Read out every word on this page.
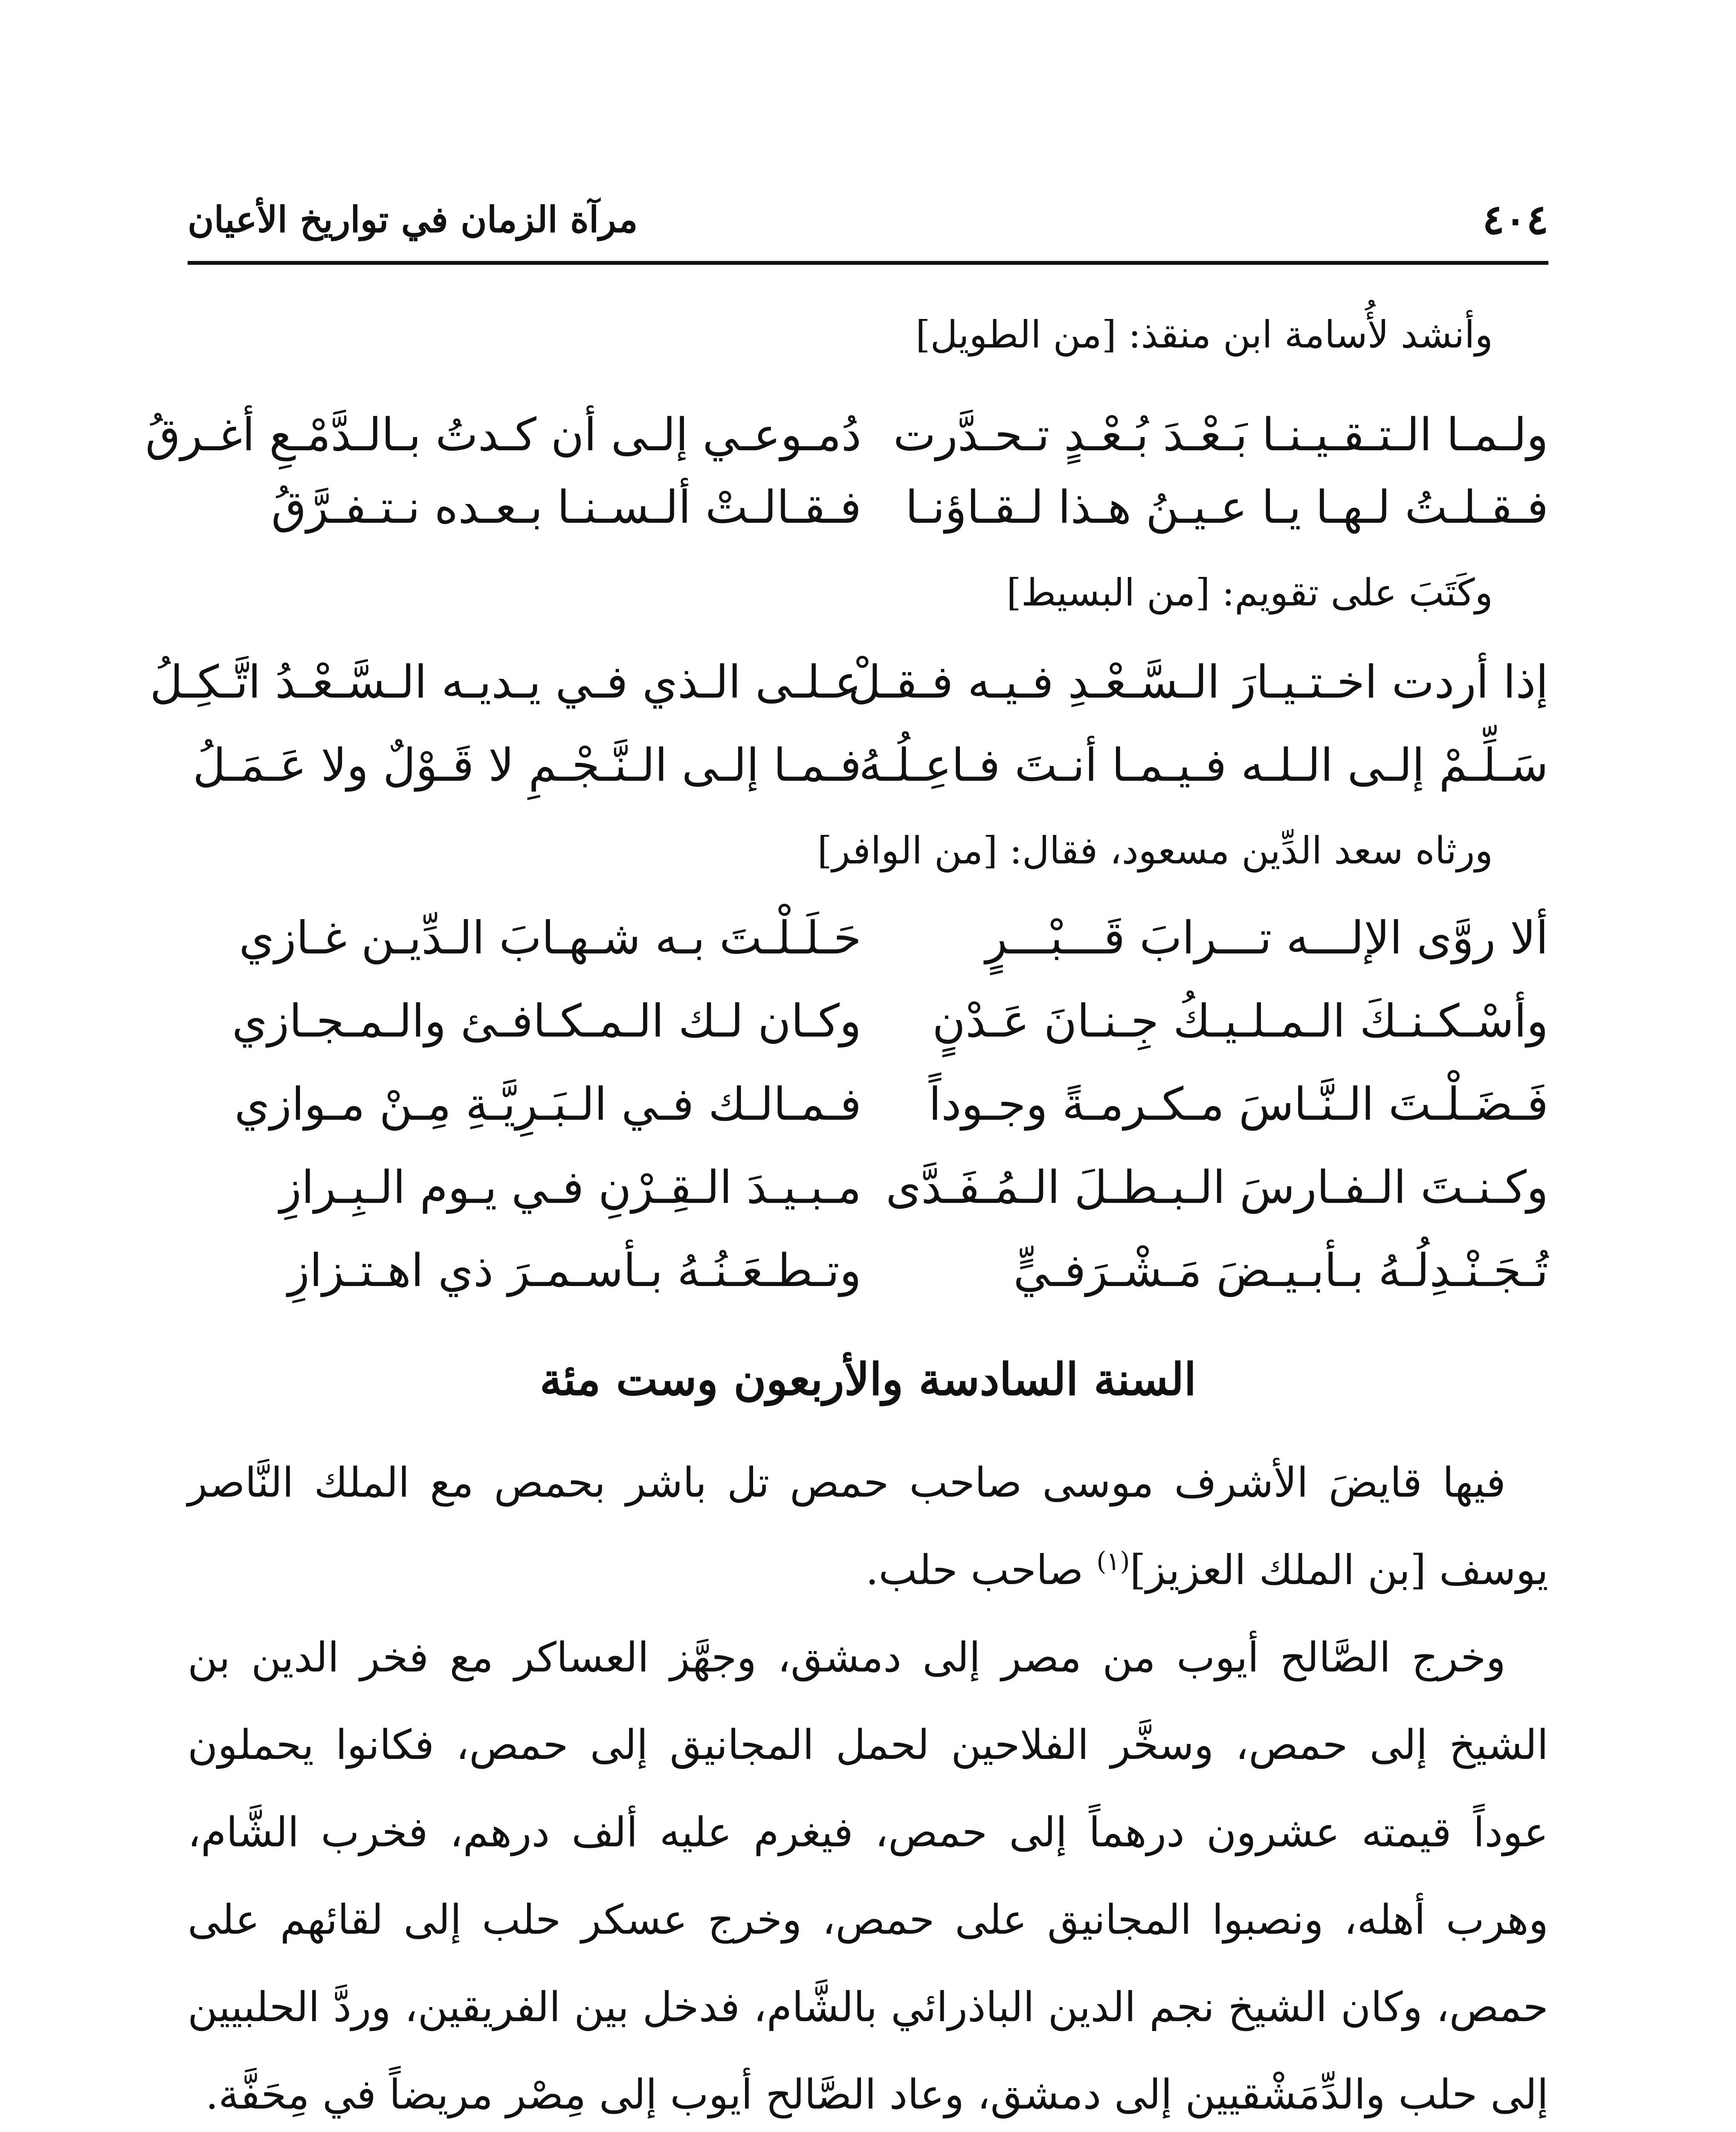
٤٠٤
مرآة الزمان في تواريخ الأعيان
وأنشد لأُسامة ابن منقذ: [من الطويل]
ولـمـا الـتـقـيـنـا بَـعْـدَ بُـعْـدٍ تـحـدَّرت
دُمـوعـي إلـى أن كـدتُ بـالـدَّمْـعِ أغـرقُ
فـقـلـتُ لـهـا يـا عـيـنُ هـذا لـقـاؤنـا
فـقـالـتْ ألـسـنـا بـعـده نـتـفـرَّقُ
وكَتَبَ على تقويم: [من البسيط]
إذا أردت اخـتـيـارَ الـسَّـعْـدِ فـيـه فـقـلْ
عـلـى الـذي فـي يـديـه الـسَّـعْـدُ اتَّـكِـلُ
سَـلِّـمْ إلـى الـلـه فـيـمـا أنـتَ فـاعِـلُـهُ
فـمـا إلـى الـنَّـجْـمِ لا قَـوْلٌ ولا عَـمَـلُ
ورثاه سعد الدِّين مسعود، فقال: [من الوافر]
ألا روَّى الإلـــه تـــرابَ قَـــبْـــرٍ
حَـلَـلْـتَ بـه شـهـابَ الـدِّيـن غـازي
وأسْـكـنـكَ الـمـلـيـكُ جِـنـانَ عَـدْنٍ
وكـان لـك الـمـكـافـئ والـمـجـازي
فَـضَـلْـتَ الـنَّـاسَ مـكـرمـةً وجـوداً
فـمـالـك فـي الـبَـرِيَّـةِ مِـنْ مـوازي
وكـنـتَ الـفـارسَ الـبـطـلَ الـمُـفَـدَّى
مـبـيـدَ الـقِـرْنِ فـي يـوم الـبِـرازِ
تُـجَـنْـدِلُـهُ بـأبـيـضَ مَـشْـرَفـيٍّ
وتـطـعَـنُـهُ بـأسـمـرَ ذي اهـتـزازِ
السنة السادسة والأربعون وست مئة

فيها قايضَ الأشرف موسى صاحب حمص تل باشر بحمص مع الملك النَّاصر يوسف [بن الملك العزيز]$^{(١)}$ صاحب حلب.

وخرج الصَّالح أيوب من مصر إلى دمشق، وجهَّز العساكر مع فخر الدين بن الشيخ إلى حمص، وسخَّر الفلاحين لحمل المجانيق إلى حمص، فكانوا يحملون عوداً قيمته عشرون درهماً إلى حمص، فيغرم عليه ألف درهم، فخرب الشَّام، وهرب أهله، ونصبوا المجانيق على حمص، وخرج عسكر حلب إلى لقائهم على حمص، وكان الشيخ نجم الدين الباذرائي بالشَّام، فدخل بين الفريقين، وردَّ الحلبيين إلى حلب والدِّمَشْقيين إلى دمشق، وعاد الصَّالح أيوب إلى مِصْر مريضاً في مِحَفَّة.
